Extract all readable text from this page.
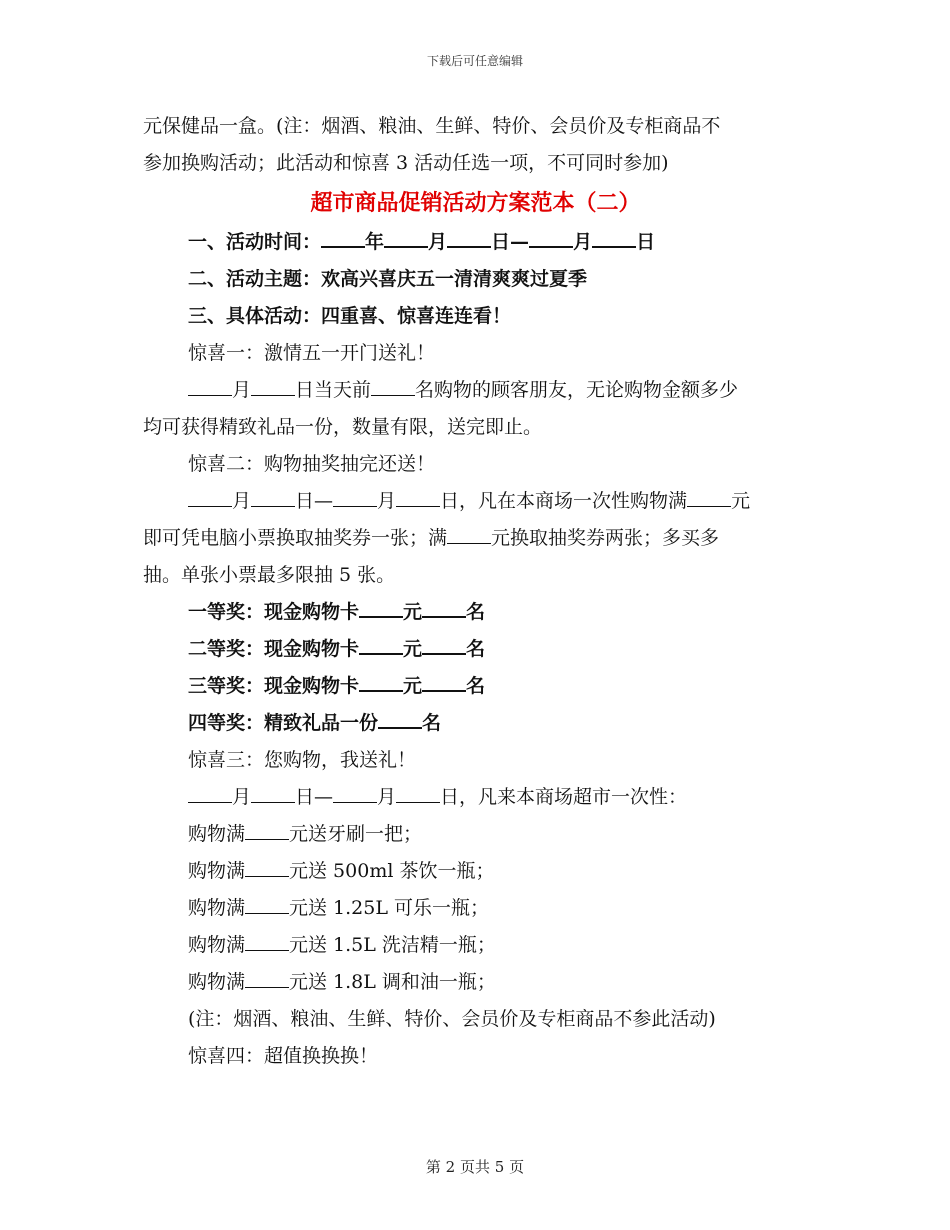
下载后可任意编辑

元保健品一盒。(注：烟酒、粮油、生鲜、特价、会员价及专柜商品不

参加换购活动；此活动和惊喜 3 活动任选一项，不可同时参加)

超市商品促销活动方案范本（二）

一、活动时间： 年 月 日— 月 日

二、活动主题：欢高兴喜庆五一清清爽爽过夏季

三、具体活动：四重喜、惊喜连连看！

惊喜一：激情五一开门送礼！

月 日当天前 名购物的顾客朋友，无论购物金额多少

均可获得精致礼品一份，数量有限，送完即止。

惊喜二：购物抽奖抽完还送！

月 日— 月 日，凡在本商场一次性购物满 元

即可凭电脑小票换取抽奖券一张；满 元换取抽奖券两张；多买多

抽。单张小票最多限抽 5 张。

一等奖：现金购物卡 元 名

二等奖：现金购物卡 元 名

三等奖：现金购物卡 元 名

四等奖：精致礼品一份 名

惊喜三：您购物，我送礼！

月 日— 月 日，凡来本商场超市一次性：

购物满 元送牙刷一把；

购物满 元送 500ml 茶饮一瓶；

购物满 元送 1.25L 可乐一瓶；

购物满 元送 1.5L 洗洁精一瓶；

购物满 元送 1.8L 调和油一瓶；

(注：烟酒、粮油、生鲜、特价、会员价及专柜商品不参此活动)

惊喜四：超值换换换！

第 2 页共 5 页
